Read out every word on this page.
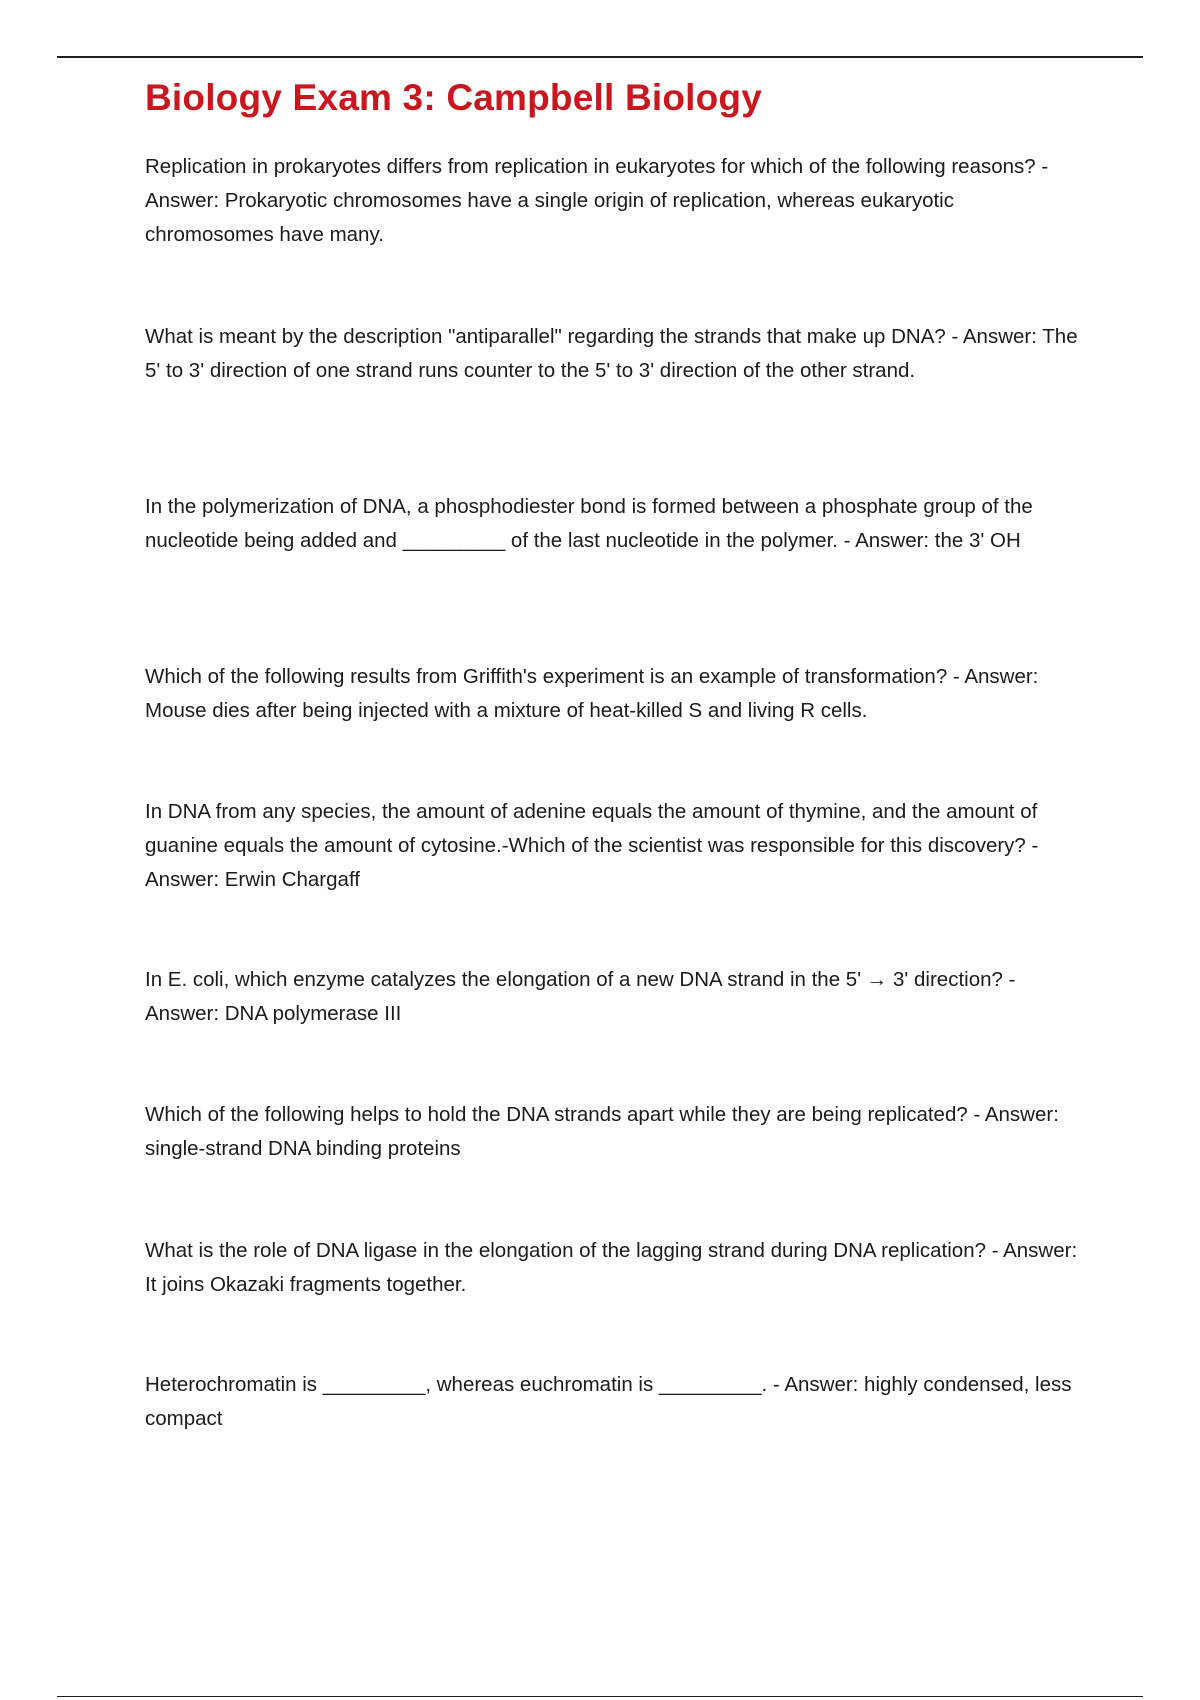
Biology Exam 3: Campbell Biology

Replication in prokaryotes differs from replication in eukaryotes for which of the following reasons? - Answer: Prokaryotic chromosomes have a single origin of replication, whereas eukaryotic chromosomes have many.

What is meant by the description "antiparallel" regarding the strands that make up DNA? - Answer: The 5' to 3' direction of one strand runs counter to the 5' to 3' direction of the other strand.

In the polymerization of DNA, a phosphodiester bond is formed between a phosphate group of the nucleotide being added and _________ of the last nucleotide in the polymer. - Answer: the 3' OH

Which of the following results from Griffith's experiment is an example of transformation? - Answer: Mouse dies after being injected with a mixture of heat-killed S and living R cells.

In DNA from any species, the amount of adenine equals the amount of thymine, and the amount of guanine equals the amount of cytosine.-Which of the scientist was responsible for this discovery? - Answer: Erwin Chargaff

In E. coli, which enzyme catalyzes the elongation of a new DNA strand in the 5' → 3' direction? - Answer: DNA polymerase III

Which of the following helps to hold the DNA strands apart while they are being replicated? - Answer: single-strand DNA binding proteins

What is the role of DNA ligase in the elongation of the lagging strand during DNA replication? - Answer: It joins Okazaki fragments together.

Heterochromatin is _________, whereas euchromatin is _________. - Answer: highly condensed, less compact
